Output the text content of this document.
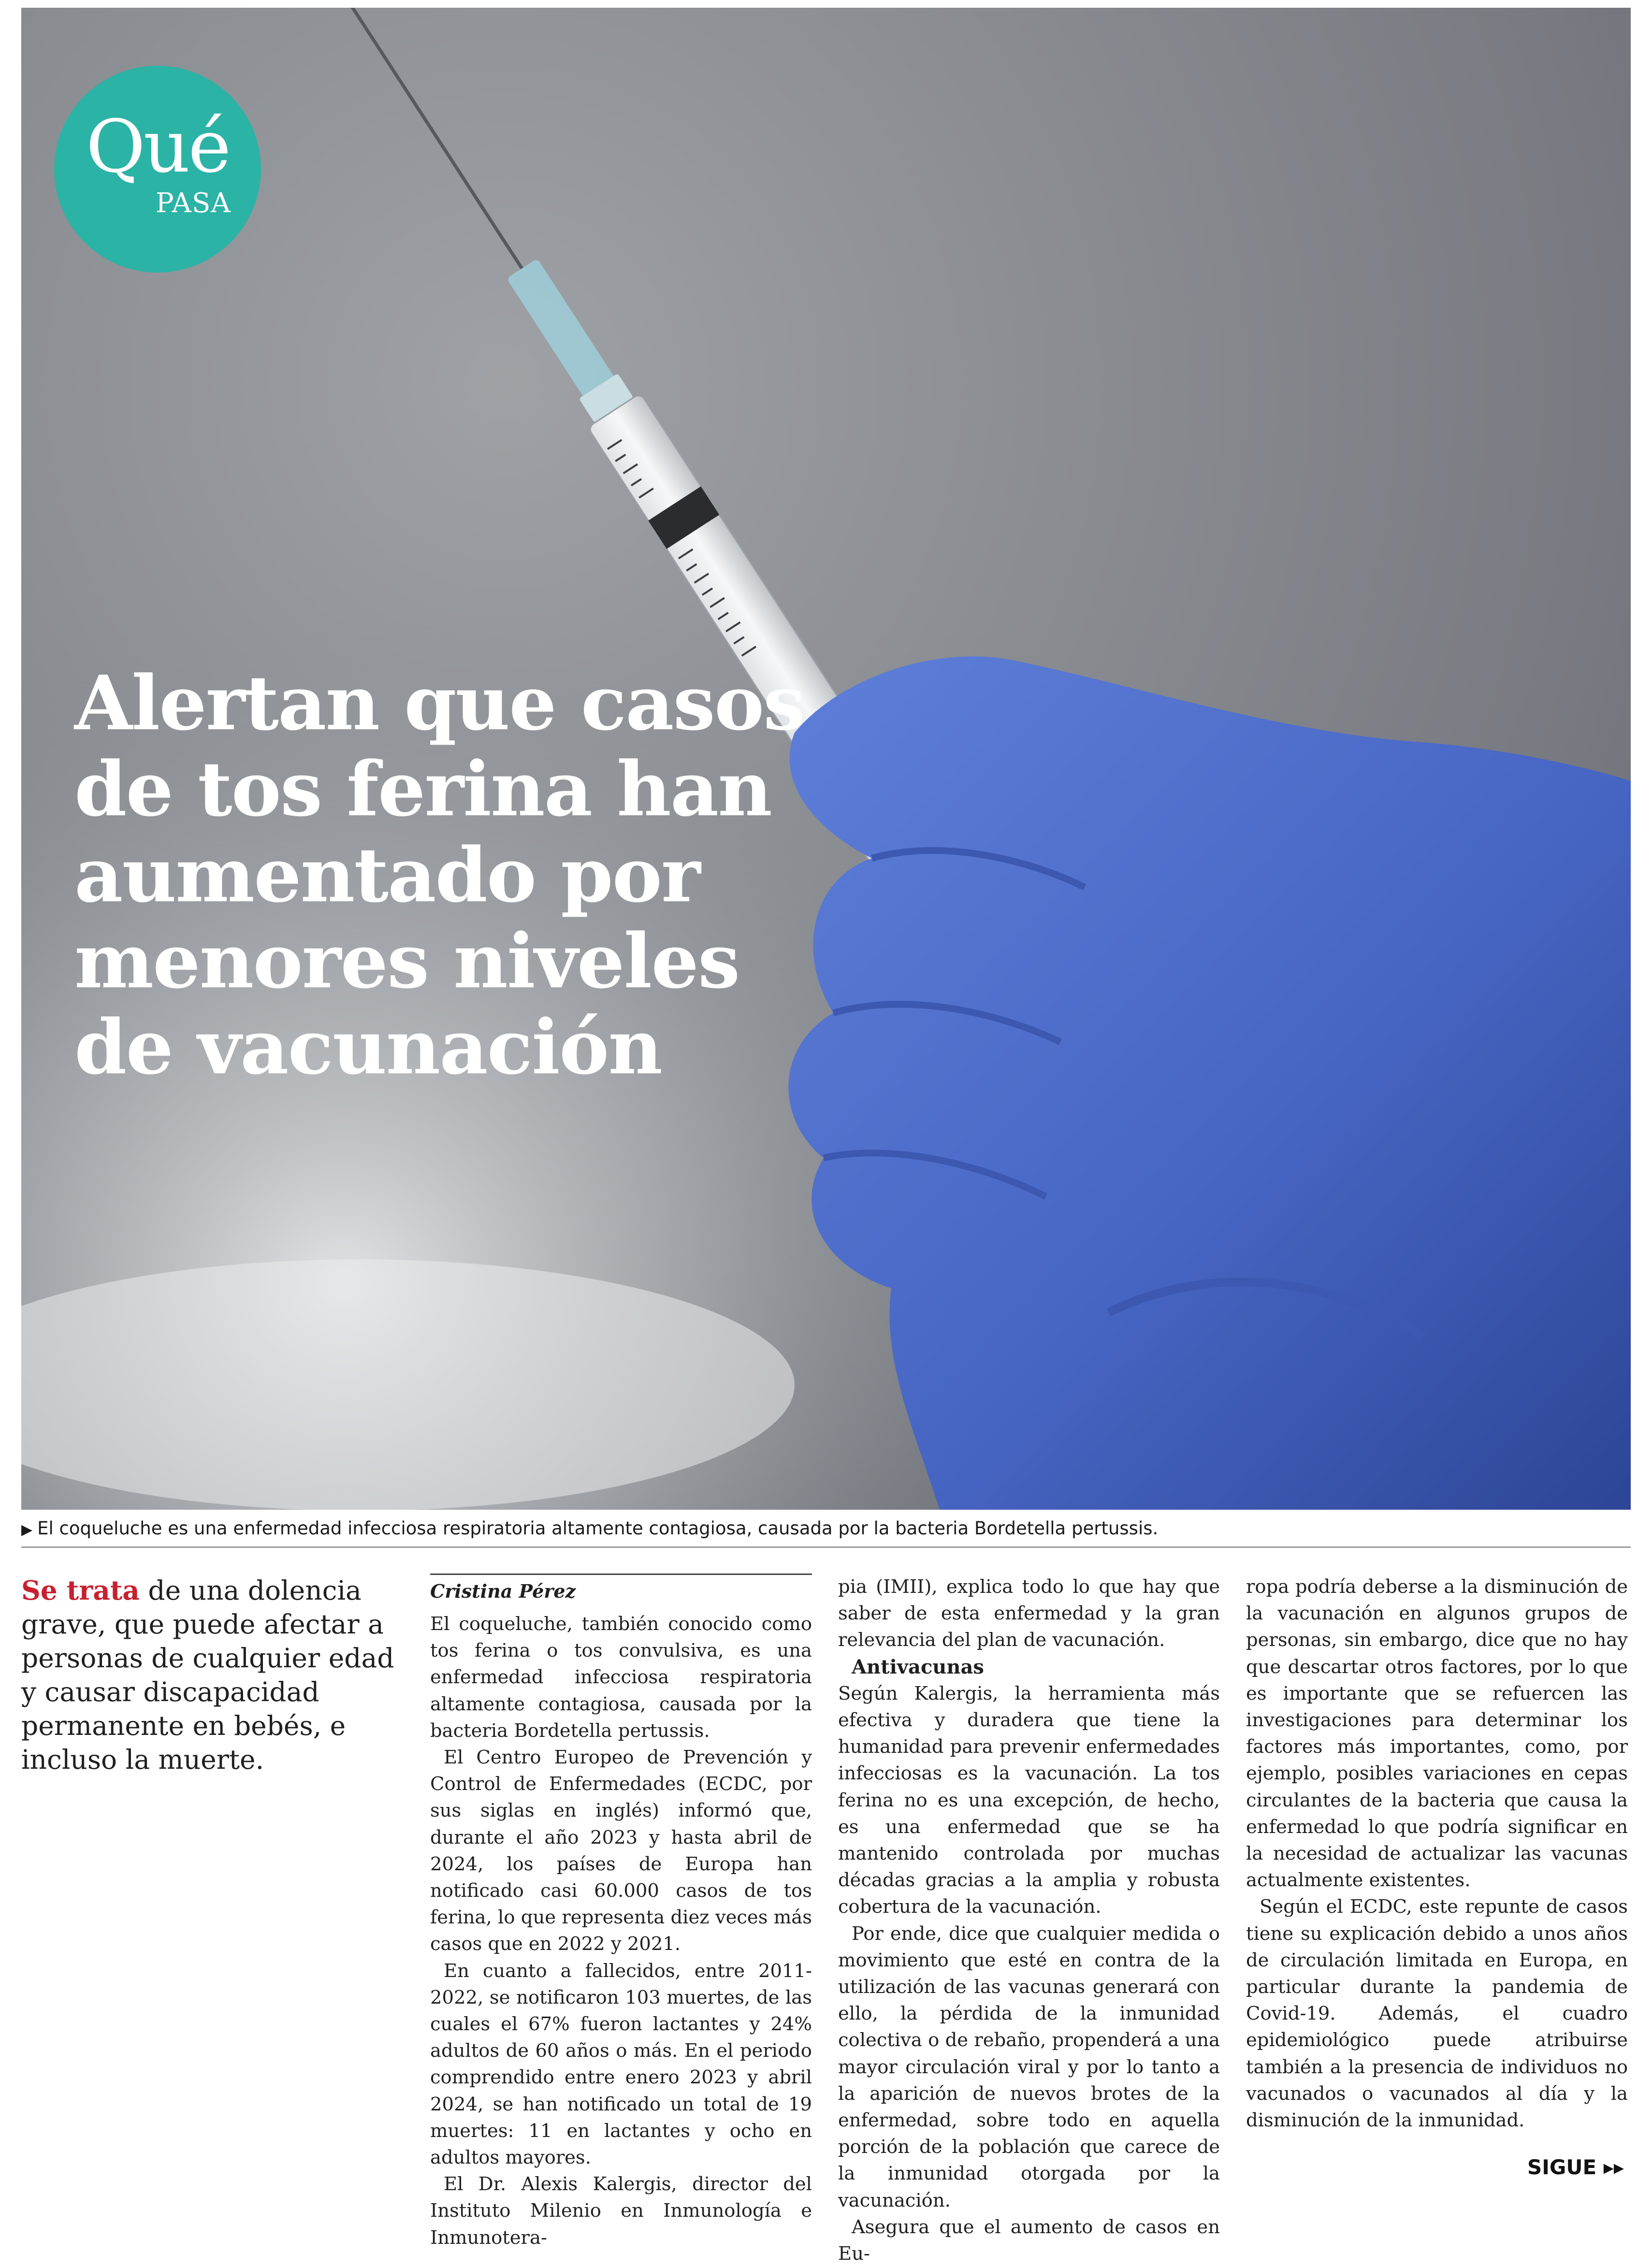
Qué
PASA
Alertan que casos de tos ferina han aumentado por menores niveles de vacunación
▶ El coqueluche es una enfermedad infecciosa respiratoria altamente contagiosa, causada por la bacteria Bordetella pertussis.
Se trata de una dolencia grave, que puede afectar a personas de cualquier edad y causar discapacidad permanente en bebés, e incluso la muerte.
Cristina Pérez

El coqueluche, también conocido como tos ferina o tos convulsiva, es una enfermedad infecciosa respiratoria altamente contagiosa, causada por la bacteria Bordetella pertussis.

El Centro Europeo de Prevención y Control de Enfermedades (ECDC, por sus siglas en inglés) informó que, durante el año 2023 y hasta abril de 2024, los países de Europa han notificado casi 60.000 casos de tos ferina, lo que representa diez veces más casos que en 2022 y 2021.

En cuanto a fallecidos, entre 2011-2022, se notificaron 103 muertes, de las cuales el 67% fueron lactantes y 24% adultos de 60 años o más. En el periodo comprendido entre enero 2023 y abril 2024, se han notificado un total de 19 muertes: 11 en lactantes y ocho en adultos mayores.

El Dr. Alexis Kalergis, director del Instituto Milenio en Inmunología e Inmunotera-

pia (IMII), explica todo lo que hay que saber de esta enfermedad y la gran relevancia del plan de vacunación.

Antivacunas

Según Kalergis, la herramienta más efectiva y duradera que tiene la humanidad para prevenir enfermedades infecciosas es la vacunación. La tos ferina no es una excepción, de hecho, es una enfermedad que se ha mantenido controlada por muchas décadas gracias a la amplia y robusta cobertura de la vacunación.

Por ende, dice que cualquier medida o movimiento que esté en contra de la utilización de las vacunas generará con ello, la pérdida de la inmunidad colectiva o de rebaño, propenderá a una mayor circulación viral y por lo tanto a la aparición de nuevos brotes de la enfermedad, sobre todo en aquella porción de la población que carece de la inmunidad otorgada por la vacunación.

Asegura que el aumento de casos en Eu-

ropa podría deberse a la disminución de la vacunación en algunos grupos de personas, sin embargo, dice que no hay que descartar otros factores, por lo que es importante que se refuercen las investigaciones para determinar los factores más importantes, como, por ejemplo, posibles variaciones en cepas circulantes de la bacteria que causa la enfermedad lo que podría significar en la necesidad de actualizar las vacunas actualmente existentes.

Según el ECDC, este repunte de casos tiene su explicación debido a unos años de circulación limitada en Europa, en particular durante la pandemia de Covid-19. Además, el cuadro epidemiológico puede atribuirse también a la presencia de individuos no vacunados o vacunados al día y la disminución de la inmunidad.

SIGUE ▸▸
